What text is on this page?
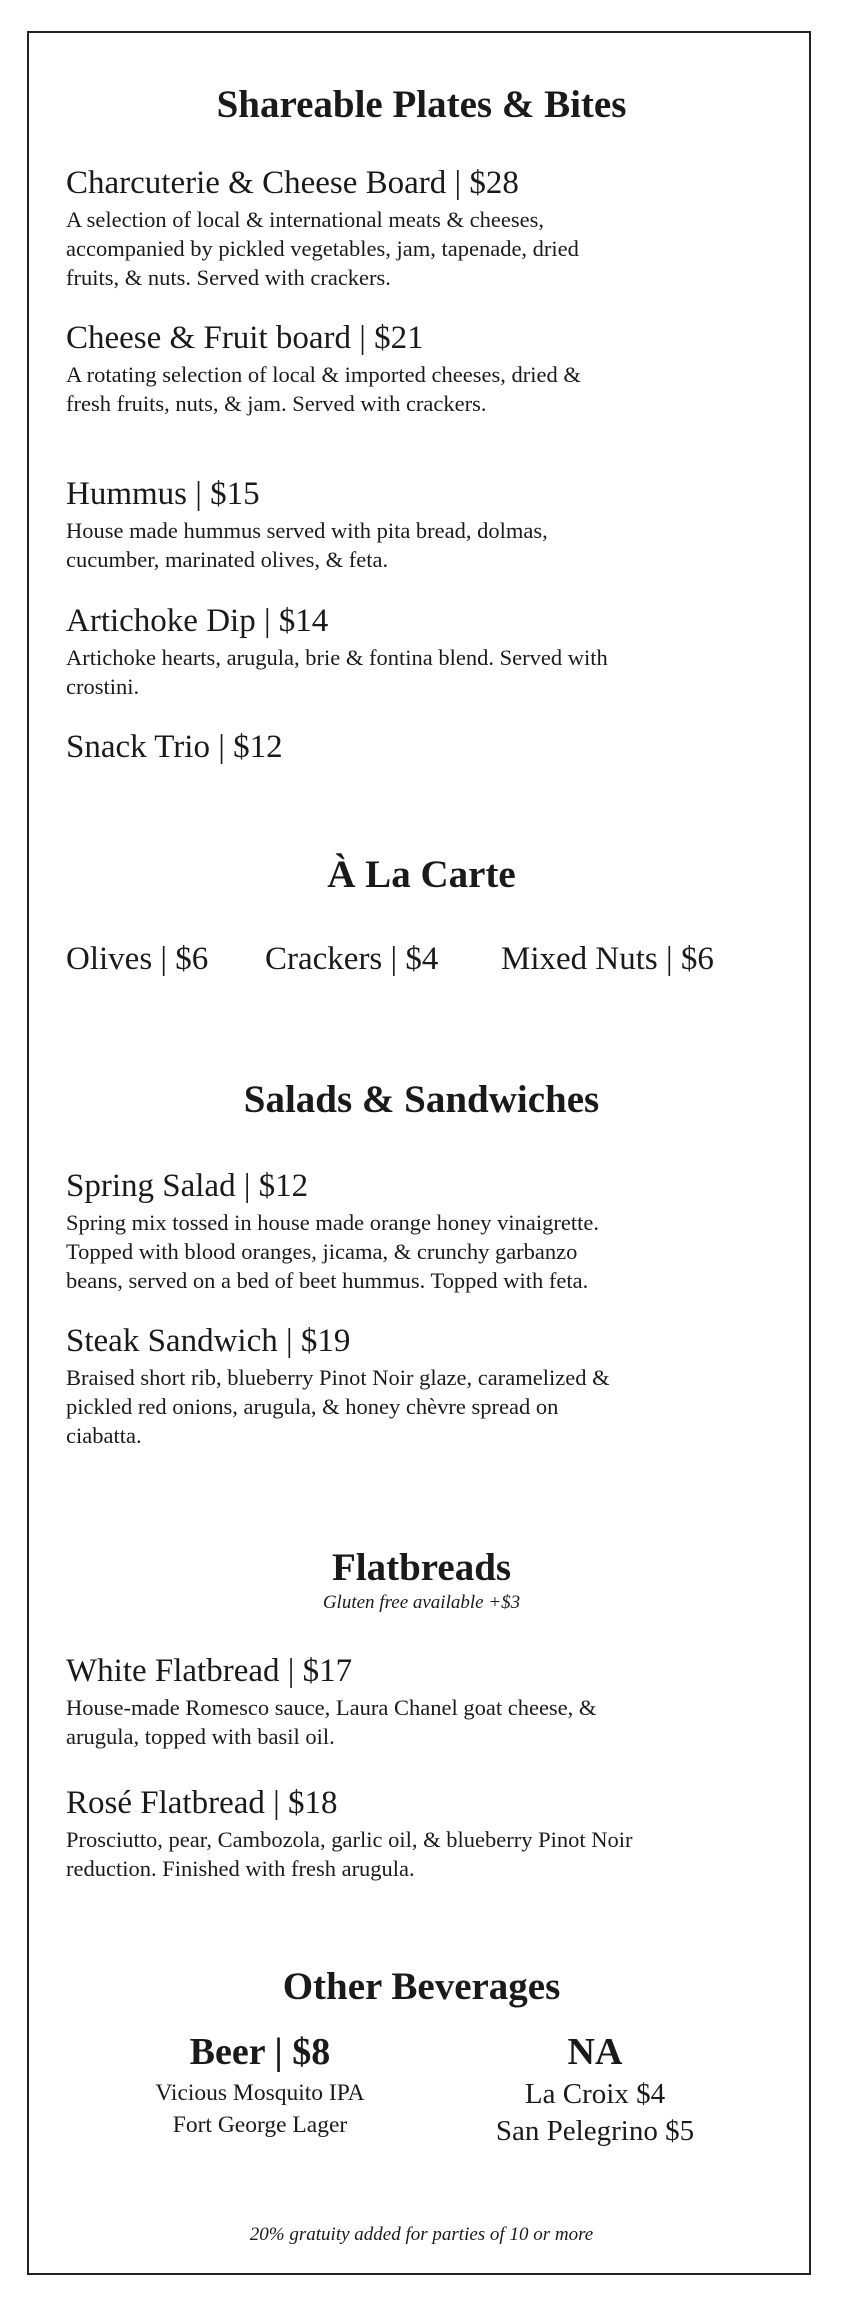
Shareable Plates & Bites
Charcuterie & Cheese Board | $28
A selection of local & international meats & cheeses,
accompanied by pickled vegetables, jam, tapenade, dried
fruits, & nuts. Served with crackers.
Cheese & Fruit board | $21
A rotating selection of local & imported cheeses, dried &
fresh fruits, nuts, & jam. Served with crackers.
Hummus | $15
House made hummus served with pita bread, dolmas,
cucumber, marinated olives, & feta.
Artichoke Dip | $14
Artichoke hearts, arugula, brie & fontina blend. Served with
crostini.
Snack Trio | $12
À La Carte
Olives | $6 Crackers | $4 Mixed Nuts | $6
Salads & Sandwiches
Spring Salad | $12
Spring mix tossed in house made orange honey vinaigrette.
Topped with blood oranges, jicama, & crunchy garbanzo
beans, served on a bed of beet hummus. Topped with feta.
Steak Sandwich | $19
Braised short rib, blueberry Pinot Noir glaze, caramelized &
pickled red onions, arugula, & honey chèvre spread on
ciabatta.
Flatbreads
Gluten free available +$3
White Flatbread | $17
House-made Romesco sauce, Laura Chanel goat cheese, &
arugula, topped with basil oil.
Rosé Flatbread | $18
Prosciutto, pear, Cambozola, garlic oil, & blueberry Pinot Noir
reduction. Finished with fresh arugula.
Other Beverages
Beer | $8
Vicious Mosquito IPA
Fort George Lager
NA
La Croix $4
San Pelegrino $5
20% gratuity added for parties of 10 or more
